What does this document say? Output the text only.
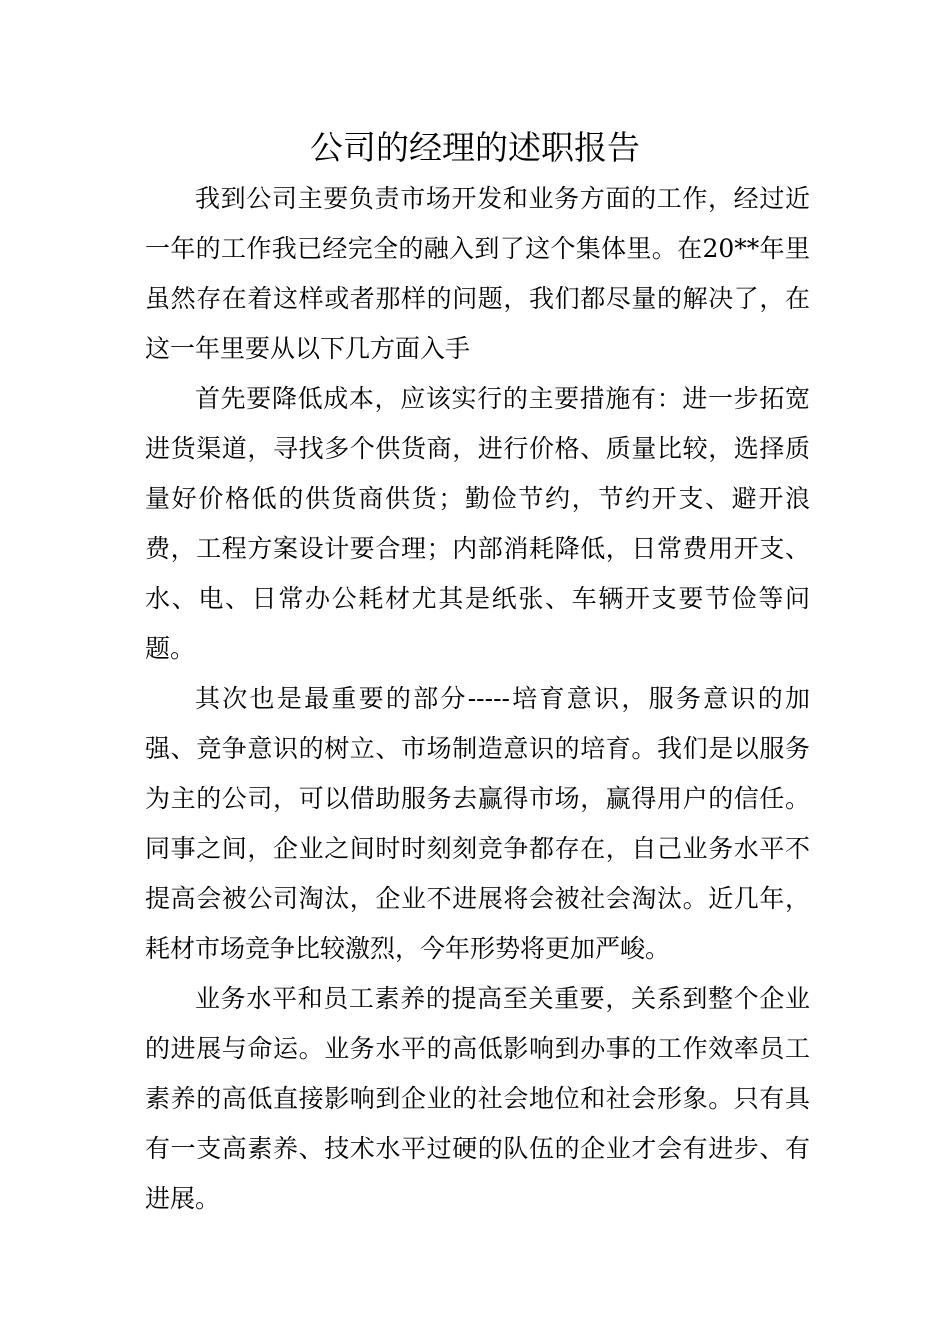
公司的经理的述职报告

我到公司主要负责市场开发和业务方面的工作，经过近一年的工作我已经完全的融入到了这个集体里。在20**年里虽然存在着这样或者那样的问题，我们都尽量的解决了，在这一年里要从以下几方面入手

首先要降低成本，应该实行的主要措施有：进一步拓宽进货渠道，寻找多个供货商，进行价格、质量比较，选择质量好价格低的供货商供货；勤俭节约，节约开支、避开浪费，工程方案设计要合理；内部消耗降低，日常费用开支、水、电、日常办公耗材尤其是纸张、车辆开支要节俭等问题。

其次也是最重要的部分-----培育意识，服务意识的加强、竞争意识的树立、市场制造意识的培育。我们是以服务为主的公司，可以借助服务去赢得市场，赢得用户的信任。同事之间，企业之间时时刻刻竞争都存在，自己业务水平不提高会被公司淘汰，企业不进展将会被社会淘汰。近几年，耗材市场竞争比较激烈，今年形势将更加严峻。

业务水平和员工素养的提高至关重要，关系到整个企业的进展与命运。业务水平的高低影响到办事的工作效率员工素养的高低直接影响到企业的社会地位和社会形象。只有具有一支高素养、技术水平过硬的队伍的企业才会有进步、有进展。
